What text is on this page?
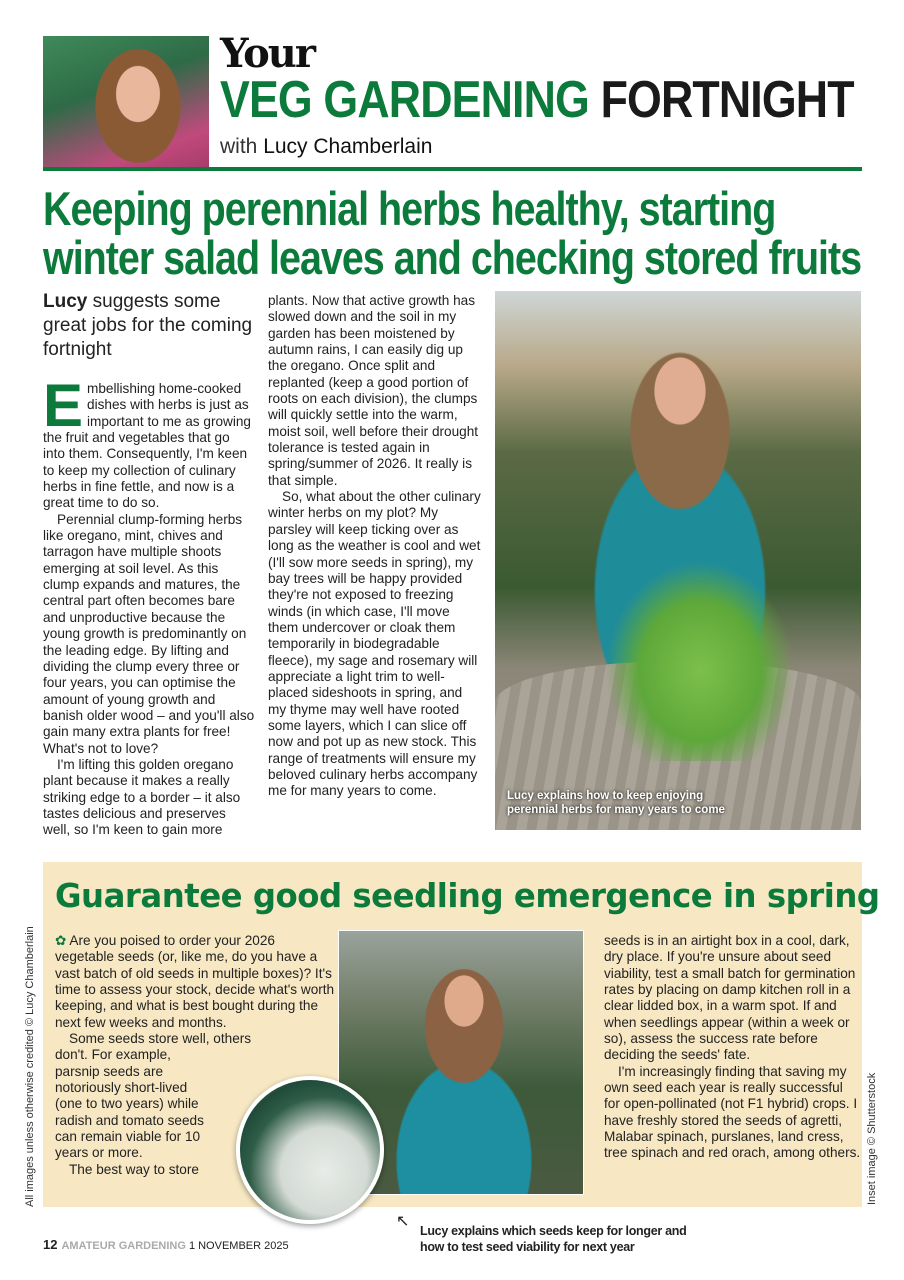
Your
VEG GARDENING FORTNIGHT
with Lucy Chamberlain
Keeping perennial herbs healthy, starting
winter salad leaves and checking stored fruits
Lucy suggests some great jobs for the coming fortnight
E mbellishing home-cooked dishes with herbs is just as important to me as growing the fruit and vegetables that go into them. Consequently, I'm keen to keep my collection of culinary herbs in fine fettle, and now is a great time to do so.

Perennial clump-forming herbs like oregano, mint, chives and tarragon have multiple shoots emerging at soil level. As this clump expands and matures, the central part often becomes bare and unproductive because the young growth is predominantly on the leading edge. By lifting and dividing the clump every three or four years, you can optimise the amount of young growth and banish older wood – and you'll also gain many extra plants for free! What's not to love?

I'm lifting this golden oregano plant because it makes a really striking edge to a border – it also tastes delicious and preserves well, so I'm keen to gain more

plants. Now that active growth has slowed down and the soil in my garden has been moistened by autumn rains, I can easily dig up the oregano. Once split and replanted (keep a good portion of roots on each division), the clumps will quickly settle into the warm, moist soil, well before their drought tolerance is tested again in spring/summer of 2026. It really is that simple.

So, what about the other culinary winter herbs on my plot? My parsley will keep ticking over as long as the weather is cool and wet (I'll sow more seeds in spring), my bay trees will be happy provided they're not exposed to freezing winds (in which case, I'll move them undercover or cloak them temporarily in biodegradable fleece), my sage and rosemary will appreciate a light trim to well-placed sideshoots in spring, and my thyme may well have rooted some layers, which I can slice off now and pot up as new stock. This range of treatments will ensure my beloved culinary herbs accompany me for many years to come.	Lucy explains how to keep enjoying
perennial herbs for many years to come
Guarantee good seedling emergence in spring
✿ Are you poised to order your 2026 vegetable seeds (or, like me, do you have a vast batch of old seeds in multiple boxes)? It's time to assess your stock, decide what's worth keeping, and what is best bought during the next few weeks and months.
Some seeds store well, others
don't. For example, parsnip seeds are notoriously short-lived (one to two years) while radish and tomato seeds can remain viable for 10 years or more.
The best way to store
seeds is in an airtight box in a cool, dark, dry place. If you're unsure about seed viability, test a small batch for germination rates by placing on damp kitchen roll in a clear lidded box, in a warm spot. If and when seedlings appear (within a week or so), assess the success rate before deciding the seeds' fate.
I'm increasingly finding that saving my own seed each year is really successful for open-pollinated (not F1 hybrid) crops. I have freshly stored the seeds of agretti, Malabar spinach, purslanes, land cress, tree spinach and red orach, among others.
All images unless otherwise credited © Lucy Chamberlain	Inset image © Shutterstock
↖
Lucy explains which seeds keep for longer and
how to test seed viability for next year
12 AMATEUR GARDENING 1 NOVEMBER 2025
